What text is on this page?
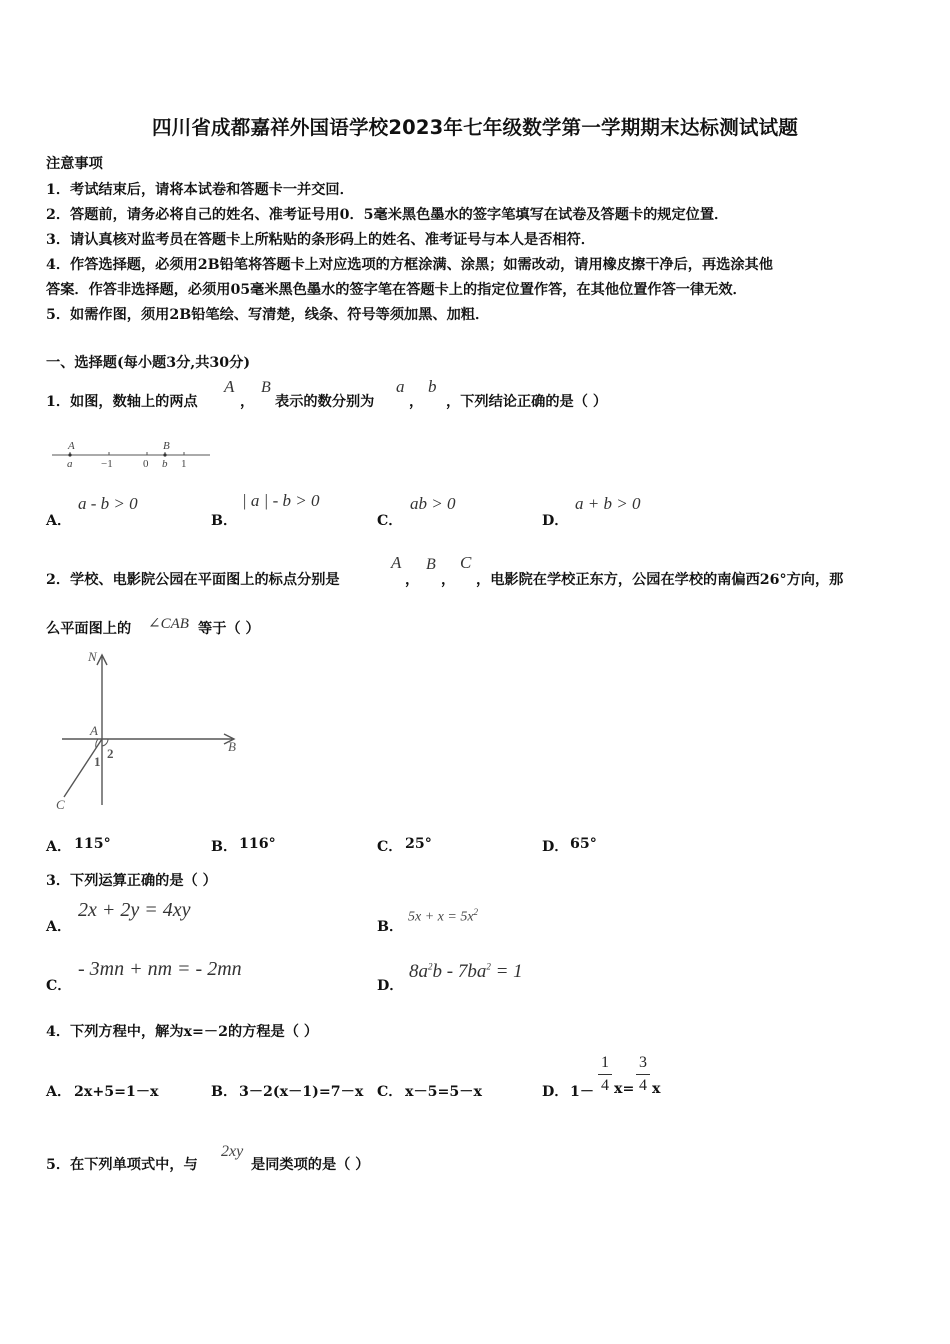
四川省成都嘉祥外国语学校2023年七年级数学第一学期期末达标测试试题
注意事项
1．考试结束后，请将本试卷和答题卡一并交回．
2．答题前，请务必将自己的姓名、准考证号用0．5毫米黑色墨水的签字笔填写在试卷及答题卡的规定位置．
3．请认真核对监考员在答题卡上所粘贴的条形码上的姓名、准考证号与本人是否相符．
4．作答选择题，必须用2B铅笔将答题卡上对应选项的方框涂满、涂黑；如需改动，请用橡皮擦干净后，再选涂其他
答案．作答非选择题，必须用05毫米黑色墨水的签字笔在答题卡上的指定位置作答，在其他位置作答一律无效．
5．如需作图，须用2B铅笔绘、写清楚，线条、符号等须加黑、加粗．
一、选择题(每小题3分,共30分)
1．如图，数轴上的两点
A
，
B
表示的数分别为
a
，
b
，下列结论正确的是（ ）
A	B
a	−1	0 b 1
A．
a - b > 0
B．
| a | - b > 0
C．
ab > 0
D．
a + b > 0
2．学校、电影院公园在平面图上的标点分别是
A
，
B
，
C
，电影院在学校正东方，公园在学校的南偏西26°方向，那
么平面图上的 ∠CAB 等于（ ）
N
A
B
C
1
2
A． 115°	B． 116°	C． 25°	D． 65°
3．下列运算正确的是（ ）
A．
2x + 2y = 4xy
B．
$5x + x = 5x^2$
C．
- 3mn + nm = - 2mn
D．
$8a^2b - 7ba^2 = 1$
4．下列方程中，解为x=－2的方程是（ ）
A． 2x+5=1－x	B． 3－2(x－1)=7－x C． x－5=5－x	D． 1－
1
4 x=
3
4 x
5．在下列单项式中，与
2xy
是同类项的是（ ）
